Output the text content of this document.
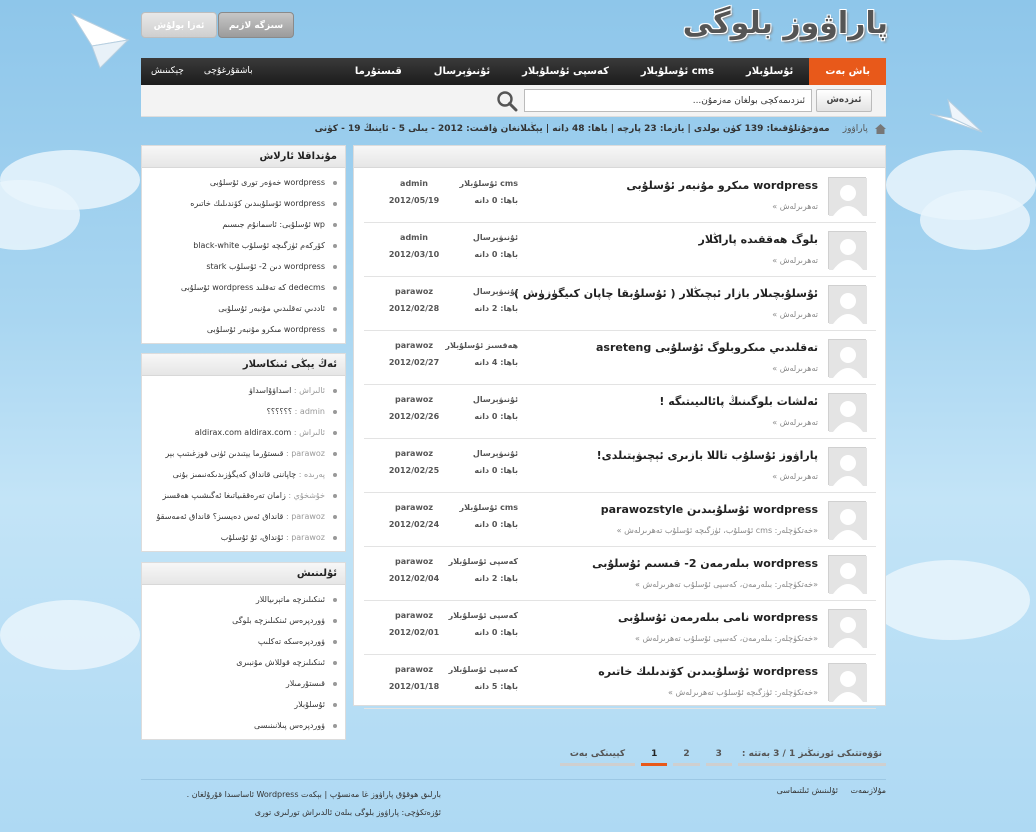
پاراۋوز بلوگى
سىزگە لازىم
ئەزا بولۇش
باش بەت
ئۇسلۇبلار
cms ئۇسلۇبلار
كەسپى ئۇسلۇبلار
ئۇنىۋېرسال
قىستۇرما
باشقۇرغۇچى
چېكىنىش
ئىزدەش
ئىزدىمەكچى بولغان مەزمۇن...
پاراۋوز مەۋجۇتلۇقىغا: 139 كۈن بولدى | يازما: 23 پارچە | باھا: 48 دانە | يېڭىلانغان ۋاقىت: 2012 - يىلى 5 - ئاينىڭ 19 - كۈنى
wordpress مىكرو مۇنبەر ئۇسلۇبى
تەھرىرلەش »
cms ئۇسلۇبلار
باھا: 0 دانە
admin
2012/05/19
بلوگ ھەققىدە پاراڭلار
تەھرىرلەش »
ئۇنىۋېرسال
باھا: 0 دانە
admin
2012/03/10
ئۇسلۇبچىلار بازار ئېچىڭلار ( ئۇسلۇبقا چاپان كىيگۈزۈش )
تەھرىرلەش »
ئۇنىۋېرسال
باھا: 2 دانە
parawoz
2012/02/28
تەقلىدىي مىكروبلوگ ئۇسلۇبى asreteng
تەھرىرلەش »
ھەقسىز ئۇسلۇبلار
باھا: 4 دانە
parawoz
2012/02/27
ئەلشات بلوگىنىڭ پائالىيىتىگە !
تەھرىرلەش »
ئۇنىۋېرسال
باھا: 0 دانە
parawoz
2012/02/26
پاراۋوز ئۇسلۇب تاللا بازىرى ئېچىۋېتىلدى!
تەھرىرلەش »
ئۇنىۋېرسال
باھا: 0 دانە
parawoz
2012/02/25
wordpress ئۇسلۇبىدىن parawozstyle
«خەتكۈچلەر: cms ئۇسلۇب، ئۈزگىچە ئۇسلۇب تەھرىرلەش »
cms ئۇسلۇبلار
باھا: 0 دانە
parawoz
2012/02/24
wordpress بىلەرمەن 2- قىسىم ئۇسلۇبى
«خەتكۈچلەر: بىلەرمەن، كەسپى ئۇسلۇب تەھرىرلەش »
كەسپى ئۇسلۇبلار
باھا: 2 دانە
parawoz
2012/02/04
wordpress نامى بىلەرمەن ئۇسلۇبى
«خەتكۈچلەر: بىلەرمەن، كەسپى ئۇسلۇب تەھرىرلەش »
كەسپى ئۇسلۇبلار
باھا: 0 دانە
parawoz
2012/02/01
wordpress ئۇسلۇبىدىن كۆندىلىك خاتىرە
«خەتكۈچلەر: ئۈزگىچە ئۇسلۇب تەھرىرلەش »
كەسپى ئۇسلۇبلار
باھا: 5 دانە
parawoz
2012/01/18
مۇنداقلا ئارلاش
wordpress خەۋەر تورى ئۇسلۇبى
wordpress ئۇسلۇبىدىن كۆندىلىك خاتىرە
wp ئۇسلۇبى: ئاسمانۇم جىسىم
كۆركەم ئۈزگىچە ئۇسلۇب black-white
wordpress دىن 2- ئۇسلۇب stark
dedecms كە تەقلىد wordpress ئۇسلۇبى
ئاددىي تەقلىدىي مۇنبەر ئۇسلۇبى
wordpress مىكرو مۇنبەر ئۇسلۇبى
ئەڭ يېڭى ئىنكاسلار
ئالىراش : اسداۋۇاسداۋ
admin : ؟؟؟؟؟؟
ئالىراش : aldirax.com aldirax.com
parawoz : قىستۇرما يېتىدىن ئۈنى قوزغىتىپ بېر
پەرىدە : چاپاننى قانداق كەيگۈزىدىكەنىمىز بۇنى
خۇشخۇي : زامان تەرەققىياتىغا ئەگىشىپ ھەقسىز
parawoz : قانداق ئەس دەيسىز؟ قانداق ئەمەسقۇ
parawoz : ئۇنداق، ئۇ ئۇسلۇب
ئۇلىنىش
ئىنكىلىزچە ماتېرىياللار
ۋوردپرەس ئىنكىلىزچە بلوگى
ۋوردپرەسكە تەكلىپ
ئىنكىلىزچە قوللاش مۇنبىرى
قىستۇرمىلار
ئۇسلۇبلار
ۋوردپرەس پىلانىنىسى
نۆۋەتتىكى ئورنىڭىز 1 / 3 بەتتە :
3
2
1
كېيىنكى بەت
مۇلازىمەت ئۇلىنىش ئىلتىماسى
بارلىق ھوقۇق پاراۋوز غا مەنسۇپ | بېكەت Wordpress ئاساسىدا قۇرۇلغان .
ئۇزەتكۈچى: پاراۋوز بلوگى بىلەن ئالدىراش تورلىرى تورى
